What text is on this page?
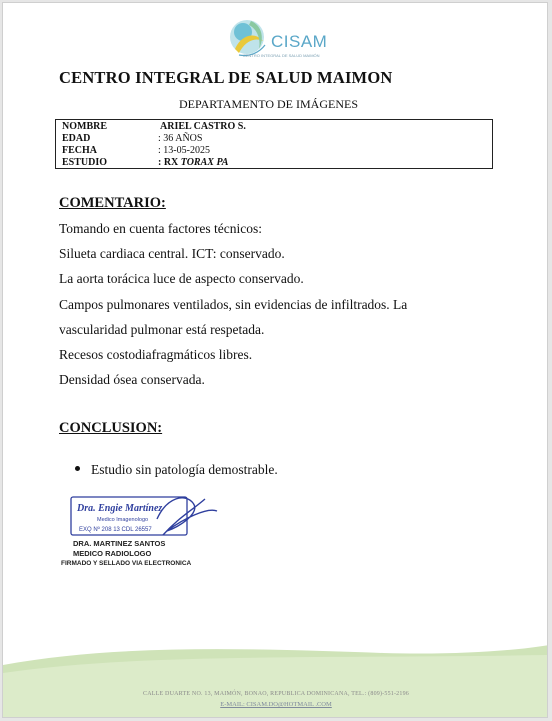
CISAM
CENTRO INTEGRAL DE SALUD MAIMÓN
CENTRO INTEGRAL DE SALUD MAIMON
DEPARTAMENTO DE IMÁGENES
NOMBRE	ARIEL CASTRO S.
EDAD	: 36 AÑOS
FECHA	: 13-05-2025
ESTUDIO	: RX TORAX PA
COMENTARIO:
Tomando en cuenta factores técnicos:
Silueta cardiaca central. ICT: conservado.
La aorta torácica luce de aspecto conservado.
Campos pulmonares ventilados, sin evidencias de infiltrados. La
vascularidad pulmonar está respetada.
Recesos costodiafragmáticos libres.
Densidad ósea conservada.
CONCLUSION:
Estudio sin patología demostrable.
Dra. Engie Martínez
Medico Imagenologo
EXQ Nº 208 13 CDL 26557
DRA. MARTINEZ SANTOS
MEDICO RADIOLOGO
FIRMADO Y SELLADO VIA ELECTRONICA
CALLE DUARTE NO. 13, MAIMÓN, BONAO, REPUBLICA DOMINICANA, TEL.: (809)-551-2196
E-MAIL: CISAM.DO@HOTMAIL .COM
